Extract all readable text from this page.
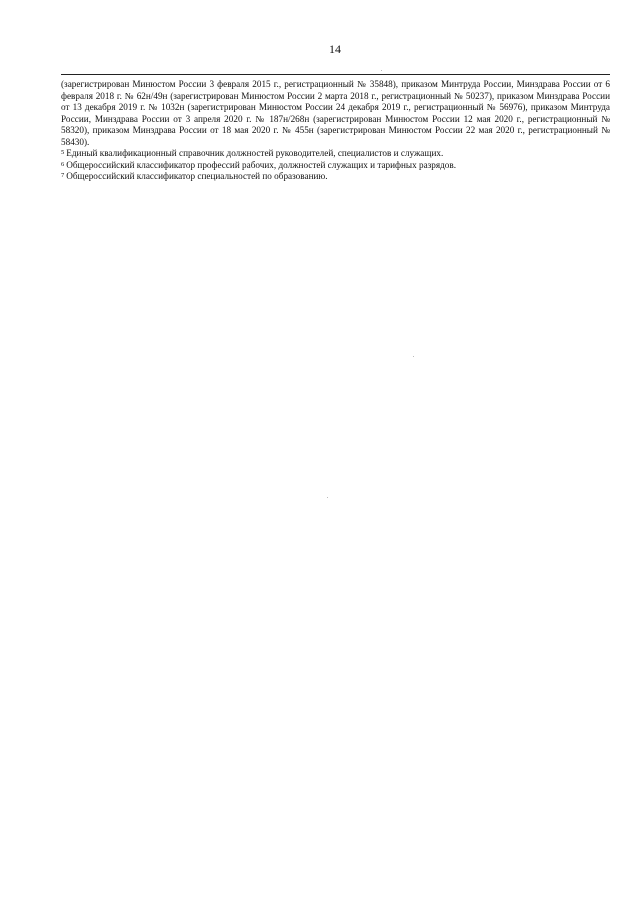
14

(зарегистрирован Минюстом России 3 февраля 2015 г., регистрационный № 35848), приказом Минтруда России, Минздрава России от 6 февраля 2018 г. № 62н/49н (зарегистрирован Минюстом России 2 марта 2018 г., регистрационный № 50237), приказом Минздрава России от 13 декабря 2019 г. № 1032н (зарегистрирован Минюстом России 24 декабря 2019 г., регистрационный № 56976), приказом Минтруда России, Минздрава России от 3 апреля 2020 г. № 187н/268н (зарегистрирован Минюстом России 12 мая 2020 г., регистрационный № 58320), приказом Минздрава России от 18 мая 2020 г. № 455н (зарегистрирован Минюстом России 22 мая 2020 г., регистрационный № 58430).

$^5$ Единый квалификационный справочник должностей руководителей, специалистов и служащих.

$^6$ Общероссийский классификатор профессий рабочих, должностей служащих и тарифных разрядов.

$^7$ Общероссийский классификатор специальностей по образованию.
